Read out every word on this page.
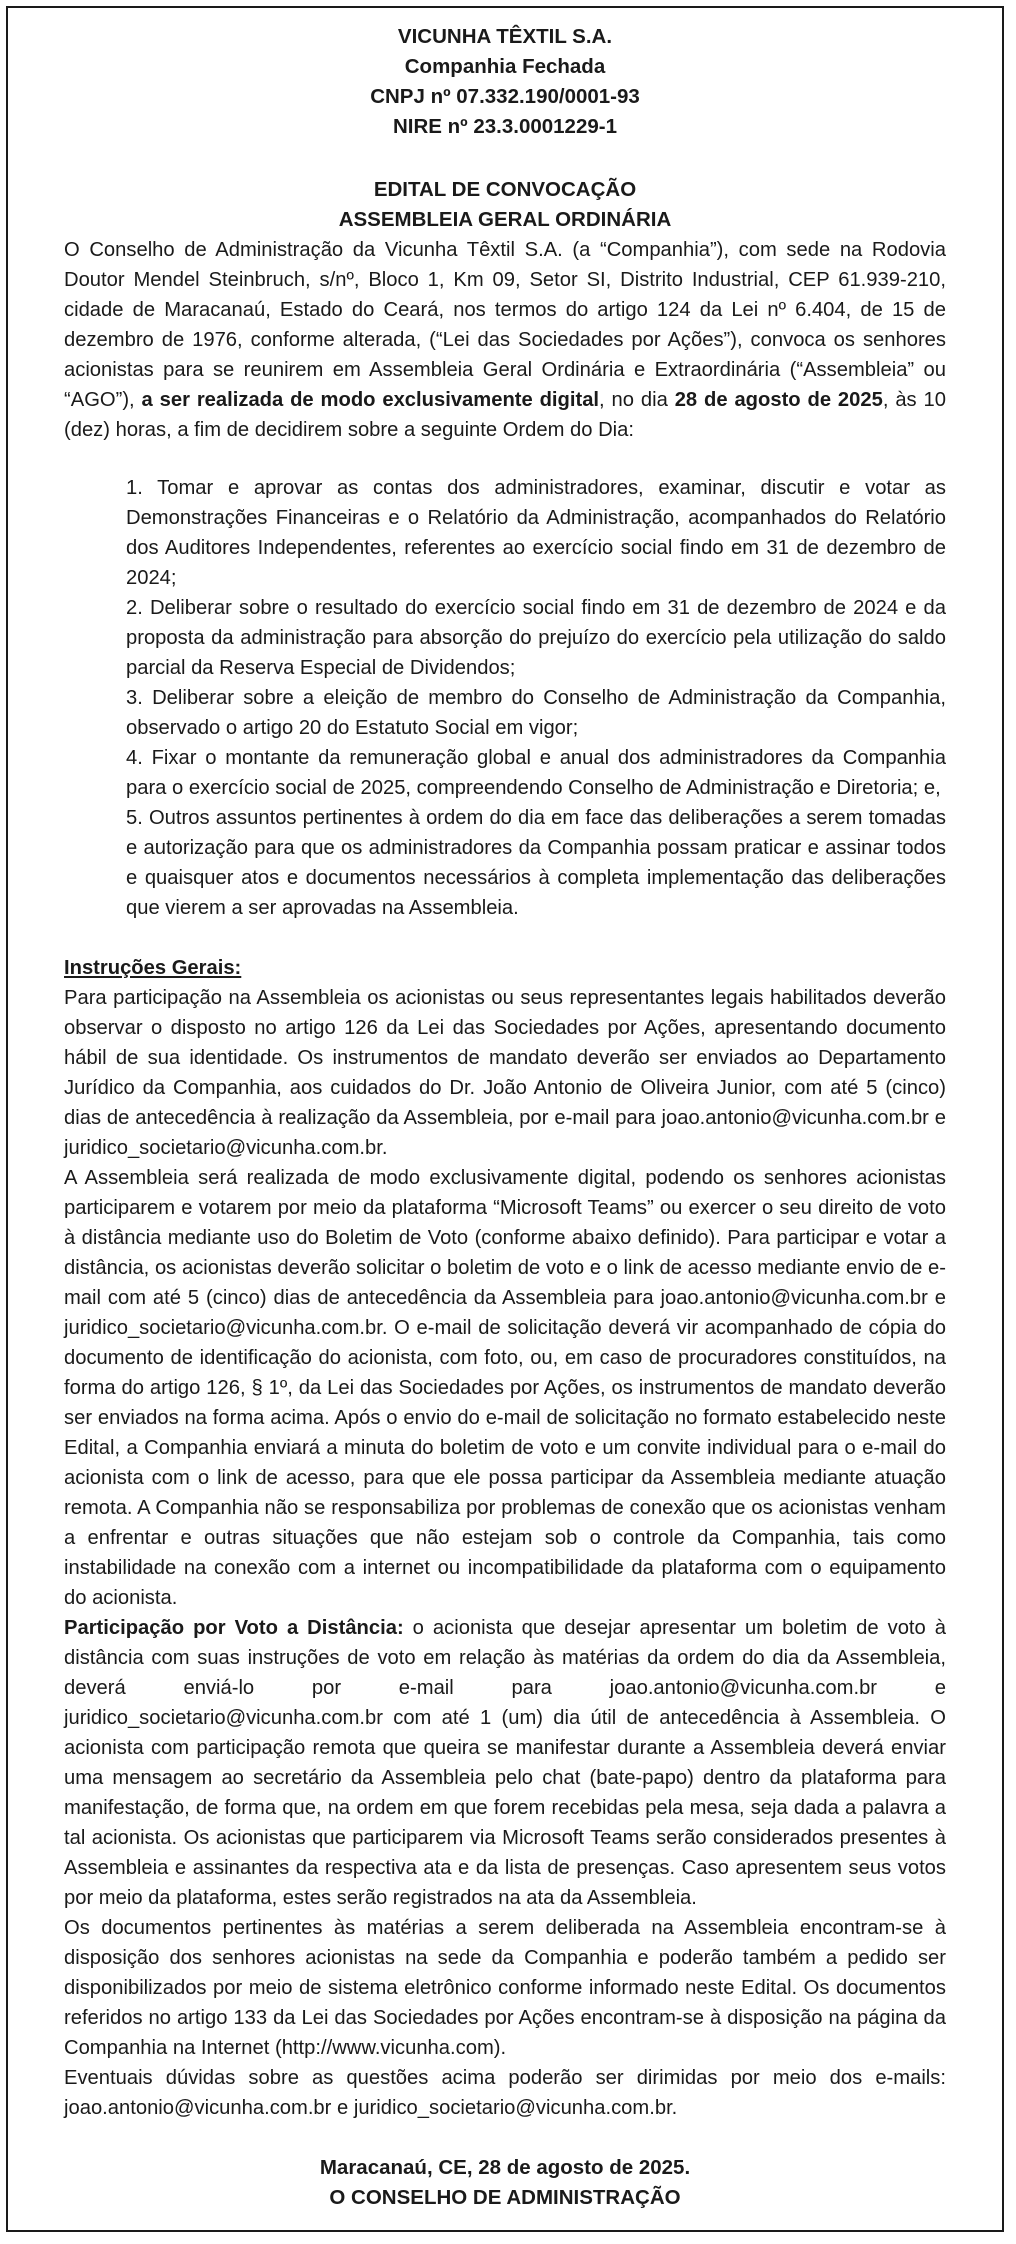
VICUNHA TÊXTIL S.A.
Companhia Fechada
CNPJ nº 07.332.190/0001-93
NIRE nº 23.3.0001229-1
EDITAL DE CONVOCAÇÃO
ASSEMBLEIA GERAL ORDINÁRIA

O Conselho de Administração da Vicunha Têxtil S.A. (a “Companhia”), com sede na Rodovia Doutor Mendel Steinbruch, s/nº, Bloco 1, Km 09, Setor SI, Distrito Industrial, CEP 61.939-210, cidade de Maracanaú, Estado do Ceará, nos termos do artigo 124 da Lei nº 6.404, de 15 de dezembro de 1976, conforme alterada, (“Lei das Sociedades por Ações”), convoca os senhores acionistas para se reunirem em Assembleia Geral Ordinária e Extraordinária (“Assembleia” ou “AGO”), a ser realizada de modo exclusivamente digital, no dia 28 de agosto de 2025, às 10 (dez) horas, a fim de decidirem sobre a seguinte Ordem do Dia:

1. Tomar e aprovar as contas dos administradores, examinar, discutir e votar as Demonstrações Financeiras e o Relatório da Administração, acompanhados do Relatório dos Auditores Independentes, referentes ao exercício social findo em 31 de dezembro de 2024;

2. Deliberar sobre o resultado do exercício social findo em 31 de dezembro de 2024 e da proposta da administração para absorção do prejuízo do exercício pela utilização do saldo parcial da Reserva Especial de Dividendos;

3. Deliberar sobre a eleição de membro do Conselho de Administração da Companhia, observado o artigo 20 do Estatuto Social em vigor;

4. Fixar o montante da remuneração global e anual dos administradores da Companhia para o exercício social de 2025, compreendendo Conselho de Administração e Diretoria; e,

5. Outros assuntos pertinentes à ordem do dia em face das deliberações a serem tomadas e autorização para que os administradores da Companhia possam praticar e assinar todos e quaisquer atos e documentos necessários à completa implementação das deliberações que vierem a ser aprovadas na Assembleia.

Instruções Gerais:

Para participação na Assembleia os acionistas ou seus representantes legais habilitados deverão observar o disposto no artigo 126 da Lei das Sociedades por Ações, apresentando documento hábil de sua identidade. Os instrumentos de mandato deverão ser enviados ao Departamento Jurídico da Companhia, aos cuidados do Dr. João Antonio de Oliveira Junior, com até 5 (cinco) dias de antecedência à realização da Assembleia, por e-mail para joao.antonio@vicunha.com.br e juridico_societario@vicunha.com.br.

A Assembleia será realizada de modo exclusivamente digital, podendo os senhores acionistas participarem e votarem por meio da plataforma “Microsoft Teams” ou exercer o seu direito de voto à distância mediante uso do Boletim de Voto (conforme abaixo definido). Para participar e votar a distância, os acionistas deverão solicitar o boletim de voto e o link de acesso mediante envio de e-mail com até 5 (cinco) dias de antecedência da Assembleia para joao.antonio@vicunha.com.br e juridico_societario@vicunha.com.br. O e-mail de solicitação deverá vir acompanhado de cópia do documento de identificação do acionista, com foto, ou, em caso de procuradores constituídos, na forma do artigo 126, § 1º, da Lei das Sociedades por Ações, os instrumentos de mandato deverão ser enviados na forma acima. Após o envio do e-mail de solicitação no formato estabelecido neste Edital, a Companhia enviará a minuta do boletim de voto e um convite individual para o e-mail do acionista com o link de acesso, para que ele possa participar da Assembleia mediante atuação remota. A Companhia não se responsabiliza por problemas de conexão que os acionistas venham a enfrentar e outras situações que não estejam sob o controle da Companhia, tais como instabilidade na conexão com a internet ou incompatibilidade da plataforma com o equipamento do acionista.

Participação por Voto a Distância: o acionista que desejar apresentar um boletim de voto à distância com suas instruções de voto em relação às matérias da ordem do dia da Assembleia, deverá enviá-lo por e-mail para joao.antonio@vicunha.com.br e juridico_societario@vicunha.com.br com até 1 (um) dia útil de antecedência à Assembleia. O acionista com participação remota que queira se manifestar durante a Assembleia deverá enviar uma mensagem ao secretário da Assembleia pelo chat (bate-papo) dentro da plataforma para manifestação, de forma que, na ordem em que forem recebidas pela mesa, seja dada a palavra a tal acionista. Os acionistas que participarem via Microsoft Teams serão considerados presentes à Assembleia e assinantes da respectiva ata e da lista de presenças. Caso apresentem seus votos por meio da plataforma, estes serão registrados na ata da Assembleia.

Os documentos pertinentes às matérias a serem deliberada na Assembleia encontram-se à disposição dos senhores acionistas na sede da Companhia e poderão também a pedido ser disponibilizados por meio de sistema eletrônico conforme informado neste Edital. Os documentos referidos no artigo 133 da Lei das Sociedades por Ações encontram-se à disposição na página da Companhia na Internet (http://www.vicunha.com).

Eventuais dúvidas sobre as questões acima poderão ser dirimidas por meio dos e-mails: joao.antonio@vicunha.com.br e juridico_societario@vicunha.com.br.

Maracanaú, CE, 28 de agosto de 2025.
O CONSELHO DE ADMINISTRAÇÃO
